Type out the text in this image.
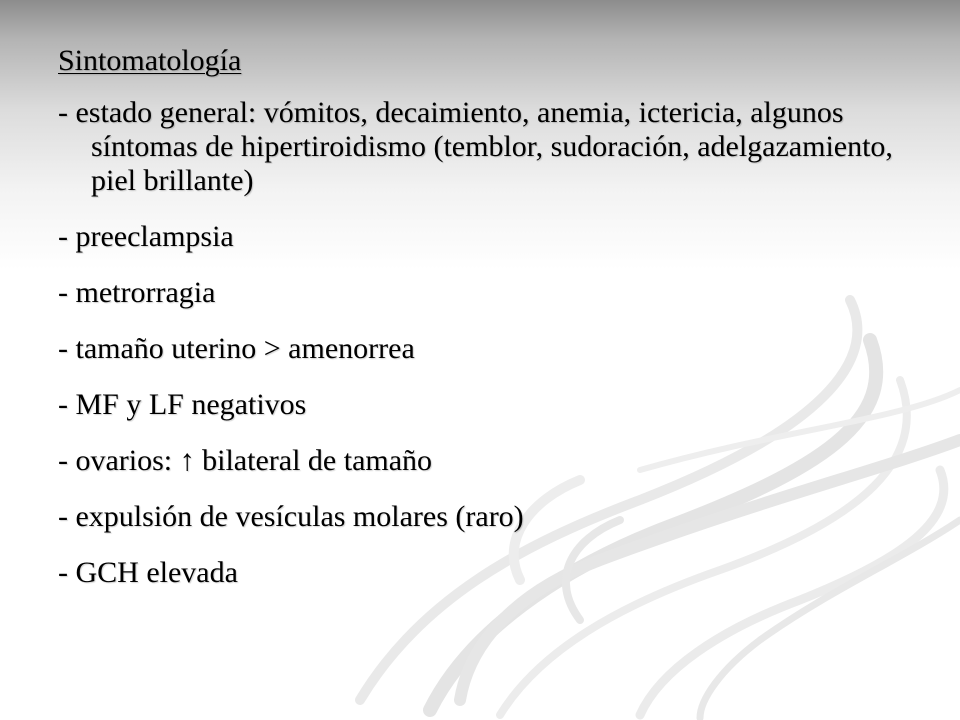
Sintomatología
- estado general: vómitos, decaimiento, anemia, ictericia, algunos síntomas de hipertiroidismo (temblor, sudoración, adelgazamiento, piel brillante)
- preeclampsia
- metrorragia
- tamaño uterino > amenorrea
- MF y LF negativos
- ovarios: ↑ bilateral de tamaño
- expulsión de vesículas molares (raro)
- GCH elevada
